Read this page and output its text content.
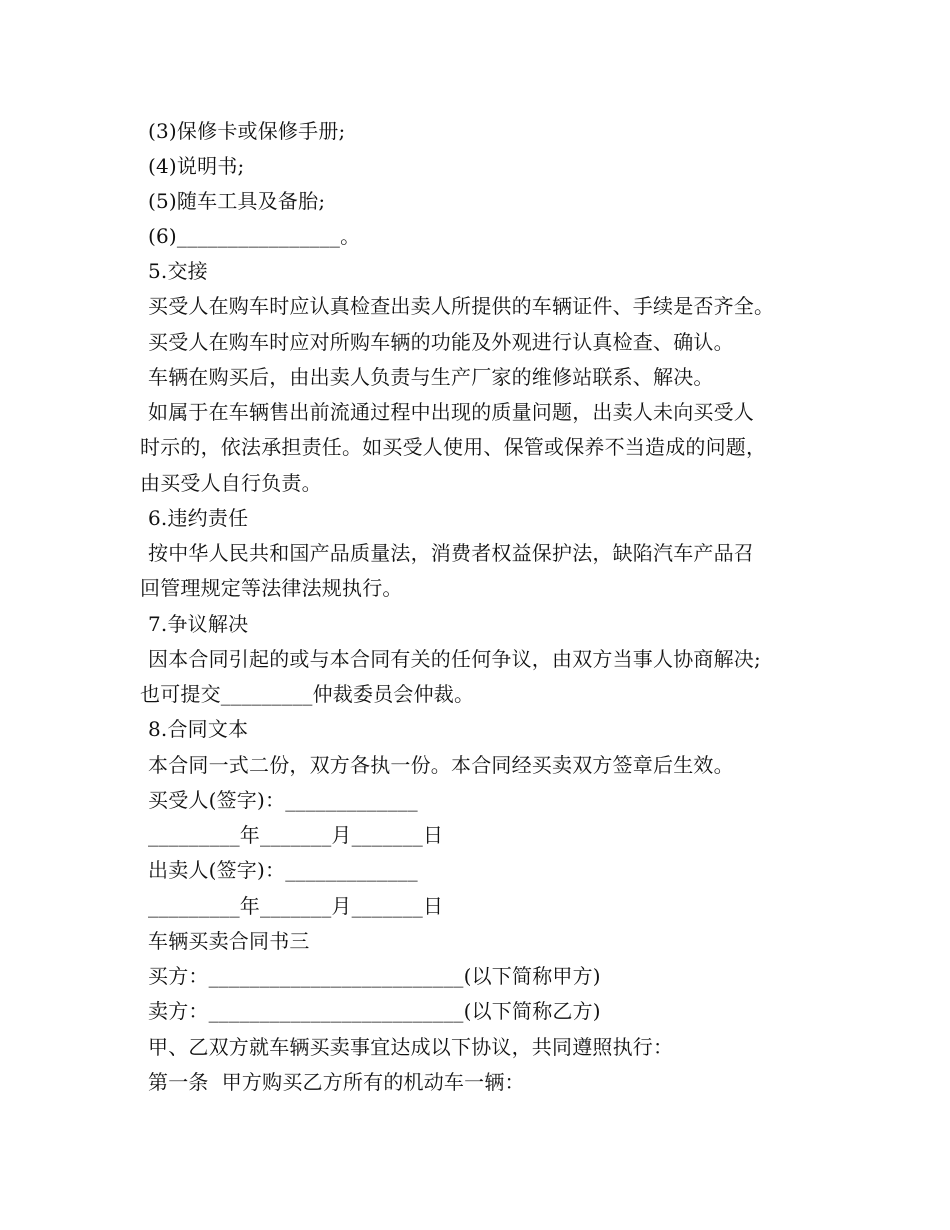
(3)保修卡或保修手册;
(4)说明书;
(5)随车工具及备胎;
(6)________________。
5.交接
买受人在购车时应认真检查出卖人所提供的车辆证件、手续是否齐全。
买受人在购车时应对所购车辆的功能及外观进行认真检查、确认。
车辆在购买后，由出卖人负责与生产厂家的维修站联系、解决。
如属于在车辆售出前流通过程中出现的质量问题，出卖人未向买受人
时示的，依法承担责任。如买受人使用、保管或保养不当造成的问题，
由买受人自行负责。
6.违约责任
按中华人民共和国产品质量法，消费者权益保护法，缺陷汽车产品召
回管理规定等法律法规执行。
7.争议解决
因本合同引起的或与本合同有关的任何争议，由双方当事人协商解决;
也可提交_________仲裁委员会仲裁。
8.合同文本
本合同一式二份，双方各执一份。本合同经买卖双方签章后生效。
买受人(签字)：_____________
_________年_______月_______日
出卖人(签字)：_____________
_________年_______月_______日
车辆买卖合同书三
买方：_________________________(以下简称甲方)
卖方：_________________________(以下简称乙方)
甲、乙双方就车辆买卖事宜达成以下协议，共同遵照执行：
第一条  甲方购买乙方所有的机动车一辆：
